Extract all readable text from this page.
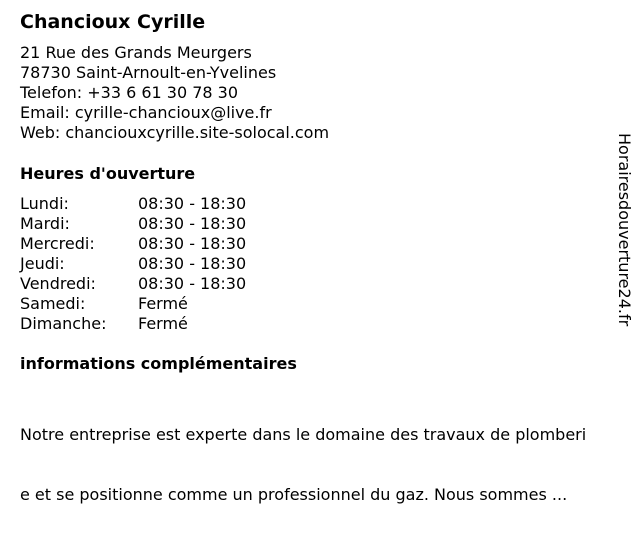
Chancioux Cyrille
21 Rue des Grands Meurgers
78730 Saint-Arnoult-en-Yvelines
Telefon: +33 6 61 30 78 30
Email: cyrille-chancioux@live.fr
Web: chanciouxcyrille.site-solocal.com
Heures d'ouverture
Lundi:	08:30 - 18:30
Mardi:	08:30 - 18:30
Mercredi:	08:30 - 18:30
Jeudi:	08:30 - 18:30
Vendredi:	08:30 - 18:30
Samedi:	Fermé
Dimanche:	Fermé
informations complémentaires

Notre entreprise est experte dans le domaine des travaux de plomberi

e et se positionne comme un professionnel du gaz. Nous sommes ...

Horairesdouverture24.fr
